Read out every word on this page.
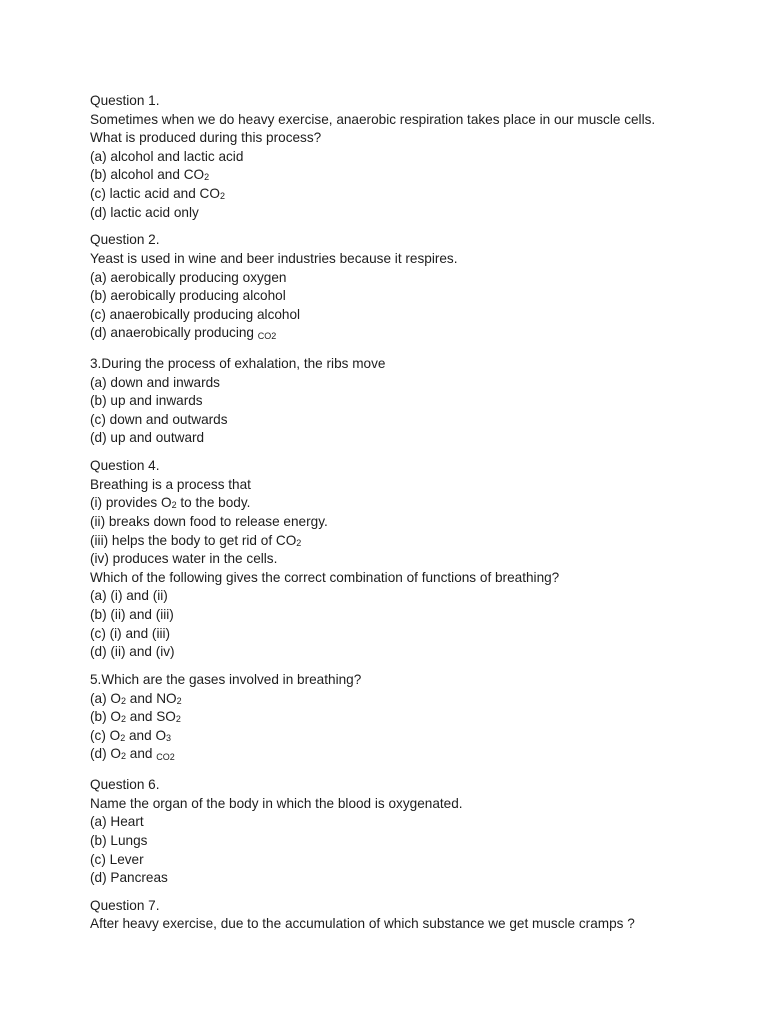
Question 1.
Sometimes when we do heavy exercise, anaerobic respiration takes place in our muscle cells.
What is produced during this process?
(a) alcohol and lactic acid
(b) alcohol and $CO_2$
(c) lactic acid and $CO_2$
(d) lactic acid only
Question 2.
Yeast is used in wine and beer industries because it respires.
(a) aerobically producing oxygen
(b) aerobically producing alcohol
(c) anaerobically producing alcohol
(d) anaerobically producing CO2
3.During the process of exhalation, the ribs move
(a) down and inwards
(b) up and inwards
(c) down and outwards
(d) up and outward
Question 4.
Breathing is a process that
(i) provides $O_2$ to the body.
(ii) breaks down food to release energy.
(iii) helps the body to get rid of $CO_2$
(iv) produces water in the cells.
Which of the following gives the correct combination of functions of breathing?
(a) (i) and (ii)
(b) (ii) and (iii)
(c) (i) and (iii)
(d) (ii) and (iv)
5.Which are the gases involved in breathing?
(a) $O_2$ and $NO_2$
(b) $O_2$ and $SO_2$
(c) $O_2$ and $O_3$
(d) $O_2$ and CO2
Question 6.
Name the organ of the body in which the blood is oxygenated.
(a) Heart
(b) Lungs
(c) Lever
(d) Pancreas
Question 7.
After heavy exercise, due to the accumulation of which substance we get muscle cramps ?
